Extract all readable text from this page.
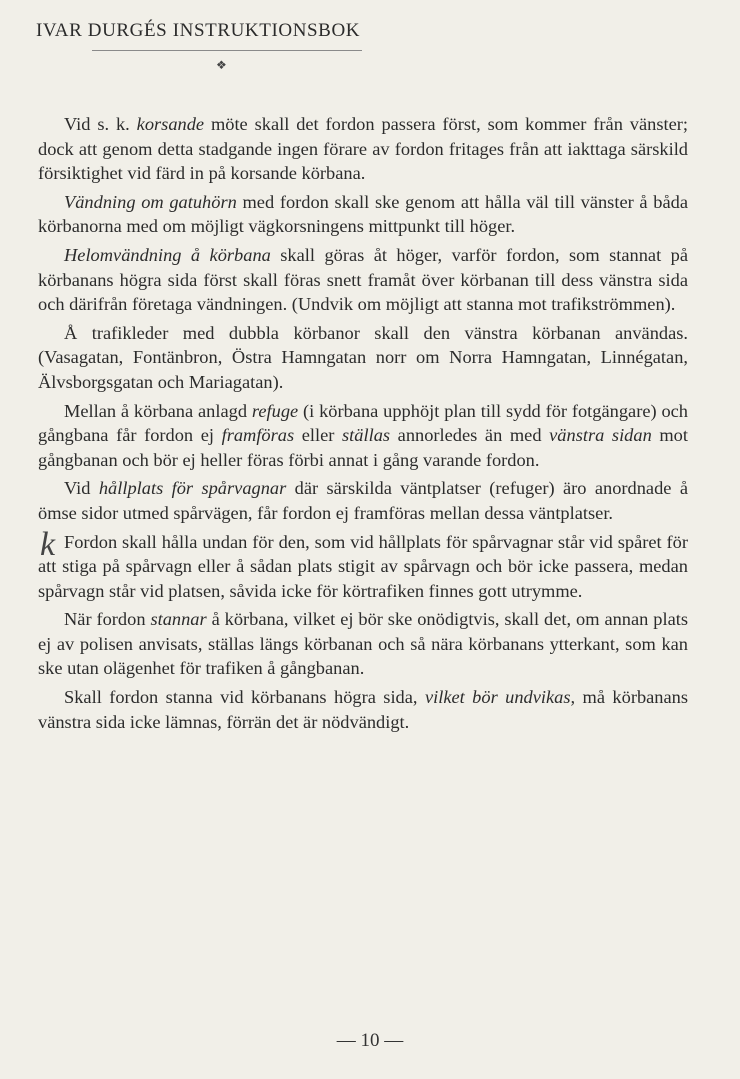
IVAR DURGÉS INSTRUKTIONSBOK
❖
k

Vid s. k. korsande möte skall det fordon passera först, som kommer från vänster; dock att genom detta stadgande ingen förare av fordon fritages från att iakttaga särskild försiktighet vid färd in på korsande körbana.

Vändning om gatuhörn med fordon skall ske genom att hålla väl till vänster å båda körbanorna med om möjligt vägkorsningens mittpunkt till höger.

Helomvändning å körbana skall göras åt höger, varför fordon, som stannat på körbanans högra sida först skall föras snett framåt över körbanan till dess vänstra sida och därifrån företaga vändningen. (Undvik om möjligt att stanna mot trafikströmmen).

Å trafikleder med dubbla körbanor skall den vänstra körbanan användas. (Vasagatan, Fontänbron, Östra Hamngatan norr om Norra Hamngatan, Linnégatan, Älvsborgsgatan och Mariagatan).

Mellan å körbana anlagd refuge (i körbana upphöjt plan till sydd för fotgängare) och gångbana får fordon ej framföras eller ställas annorledes än med vänstra sidan mot gångbanan och bör ej heller föras förbi annat i gång varande fordon.

Vid hållplats för spårvagnar där särskilda väntplatser (refuger) äro anordnade å ömse sidor utmed spårvägen, får fordon ej framföras mellan dessa väntplatser.

Fordon skall hålla undan för den, som vid hållplats för spårvagnar står vid spåret för att stiga på spårvagn eller å sådan plats stigit av spårvagn och bör icke passera, medan spårvagn står vid platsen, såvida icke för körtrafiken finnes gott utrymme.

När fordon stannar å körbana, vilket ej bör ske onödigtvis, skall det, om annan plats ej av polisen anvisats, ställas längs körbanan och så nära körbanans ytterkant, som kan ske utan olägenhet för trafiken å gångbanan.

Skall fordon stanna vid körbanans högra sida, vilket bör undvikas, må körbanans vänstra sida icke lämnas, förrän det är nödvändigt.

— 10 —
